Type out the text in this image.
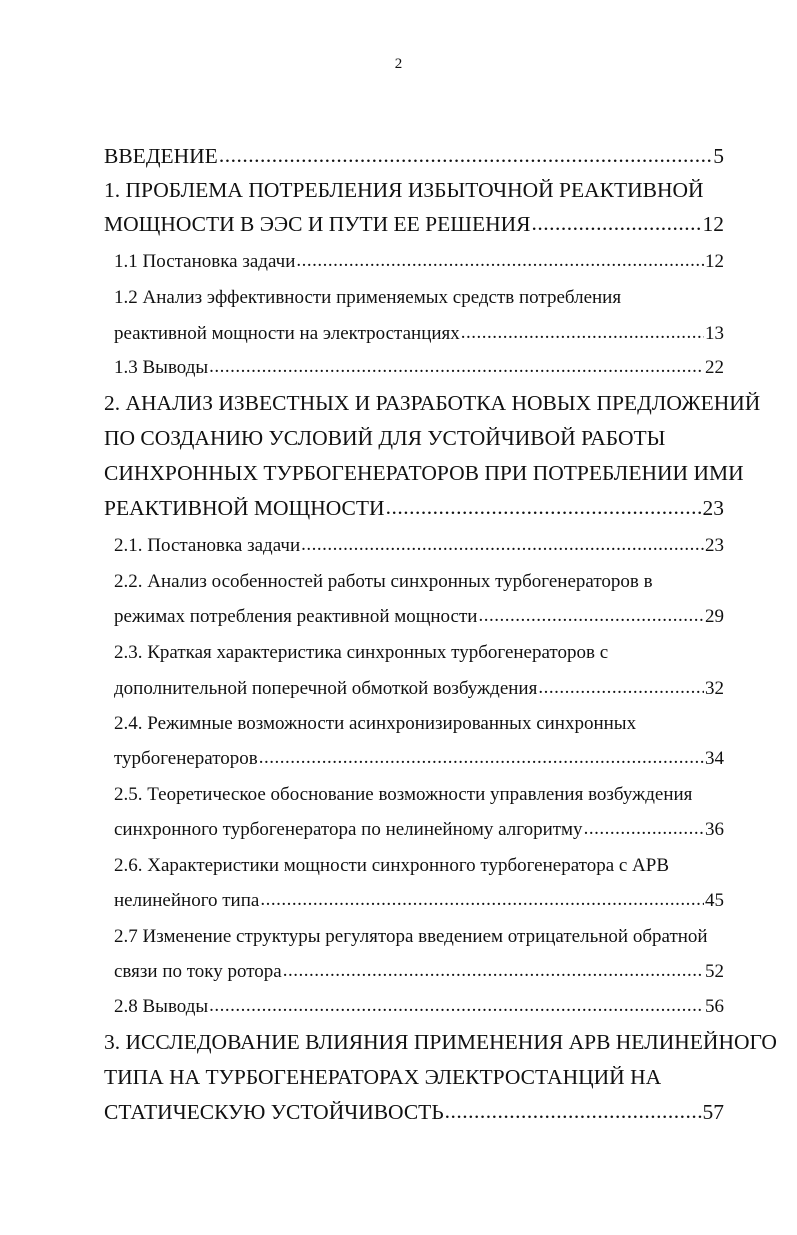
2
ВВЕДЕНИЕ .....	5
1. ПРОБЛЕМА ПОТРЕБЛЕНИЯ ИЗБЫТОЧНОЙ РЕАКТИВНОЙ
МОЩНОСТИ В ЭЭС И ПУТИ ЕЕ РЕШЕНИЯ .....	12
1.1 Постановка задачи .....	12
1.2 Анализ эффективности применяемых средств потребления
реактивной мощности на электростанциях .....	13
1.3 Выводы .....	22
2. АНАЛИЗ ИЗВЕСТНЫХ И РАЗРАБОТКА НОВЫХ ПРЕДЛОЖЕНИЙ
ПО СОЗДАНИЮ УСЛОВИЙ ДЛЯ УСТОЙЧИВОЙ РАБОТЫ
СИНХРОННЫХ ТУРБОГЕНЕРАТОРОВ ПРИ ПОТРЕБЛЕНИИ ИМИ
РЕАКТИВНОЙ МОЩНОСТИ .....	23
2.1. Постановка задачи .....	23
2.2. Анализ особенностей работы синхронных турбогенераторов в
режимах потребления реактивной мощности .....	29
2.3. Краткая характеристика синхронных турбогенераторов с
дополнительной поперечной обмоткой возбуждения .....	32
2.4. Режимные возможности асинхронизированных синхронных
турбогенераторов .....	34
2.5. Теоретическое обоснование возможности управления возбуждения
синхронного турбогенератора по нелинейному алгоритму .....	36
2.6. Характеристики мощности синхронного турбогенератора с АРВ
нелинейного типа .....	45
2.7 Изменение структуры регулятора введением отрицательной обратной
связи по току ротора .....	52
2.8 Выводы .....	56
3. ИССЛЕДОВАНИЕ ВЛИЯНИЯ ПРИМЕНЕНИЯ АРВ НЕЛИНЕЙНОГО
ТИПА НА ТУРБОГЕНЕРАТОРАХ ЭЛЕКТРОСТАНЦИЙ НА
СТАТИЧЕСКУЮ УСТОЙЧИВОСТЬ .....	57
